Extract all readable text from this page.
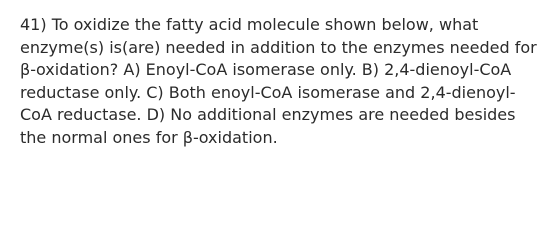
41) To oxidize the fatty acid molecule shown below, what
enzyme(s) is(are) needed in addition to the enzymes needed for
β-oxidation? A) Enoyl-CoA isomerase only. B) 2,4-dienoyl-CoA
reductase only. C) Both enoyl-CoA isomerase and 2,4-dienoyl-
CoA reductase. D) No additional enzymes are needed besides
the normal ones for β-oxidation.
